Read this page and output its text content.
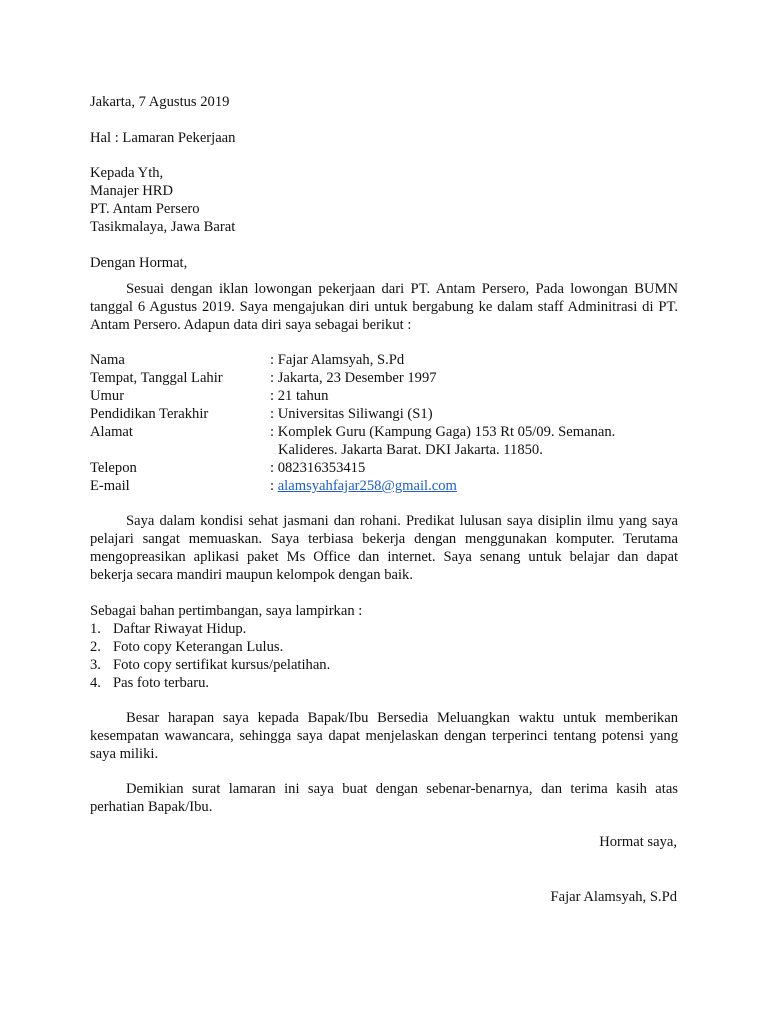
Jakarta, 7 Agustus 2019
Hal : Lamaran Pekerjaan
Kepada Yth,
Manajer HRD
PT. Antam Persero
Tasikmalaya, Jawa Barat
Dengan Hormat,
Sesuai dengan iklan lowongan pekerjaan dari PT. Antam Persero, Pada lowongan BUMN
tanggal 6 Agustus 2019. Saya mengajukan diri untuk bergabung ke dalam staff Adminitrasi di PT.
Antam Persero. Adapun data diri saya sebagai berikut :
Nama	: Fajar Alamsyah, S.Pd
Tempat, Tanggal Lahir	: Jakarta, 23 Desember 1997
Umur	: 21 tahun
Pendidikan Terakhir	: Universitas Siliwangi (S1)
Alamat	: Komplek Guru (Kampung Gaga) 153 Rt 05/09. Semanan.
Kalideres. Jakarta Barat. DKI Jakarta. 11850.
Telepon	: 082316353415
E-mail	: alamsyahfajar258@gmail.com
Saya dalam kondisi sehat jasmani dan rohani. Predikat lulusan saya disiplin ilmu yang saya
pelajari sangat memuaskan. Saya terbiasa bekerja dengan menggunakan komputer. Terutama
mengopreasikan aplikasi paket Ms Office dan internet. Saya senang untuk belajar dan dapat
bekerja secara mandiri maupun kelompok dengan baik.
Sebagai bahan pertimbangan, saya lampirkan :
1. Daftar Riwayat Hidup.
2. Foto copy Keterangan Lulus.
3. Foto copy sertifikat kursus/pelatihan.
4. Pas foto terbaru.
Besar harapan saya kepada Bapak/Ibu Bersedia Meluangkan waktu untuk memberikan
kesempatan wawancara, sehingga saya dapat menjelaskan dengan terperinci tentang potensi yang
saya miliki.
Demikian surat lamaran ini saya buat dengan sebenar-benarnya, dan terima kasih atas
perhatian Bapak/Ibu.
Hormat saya,
Fajar Alamsyah, S.Pd
